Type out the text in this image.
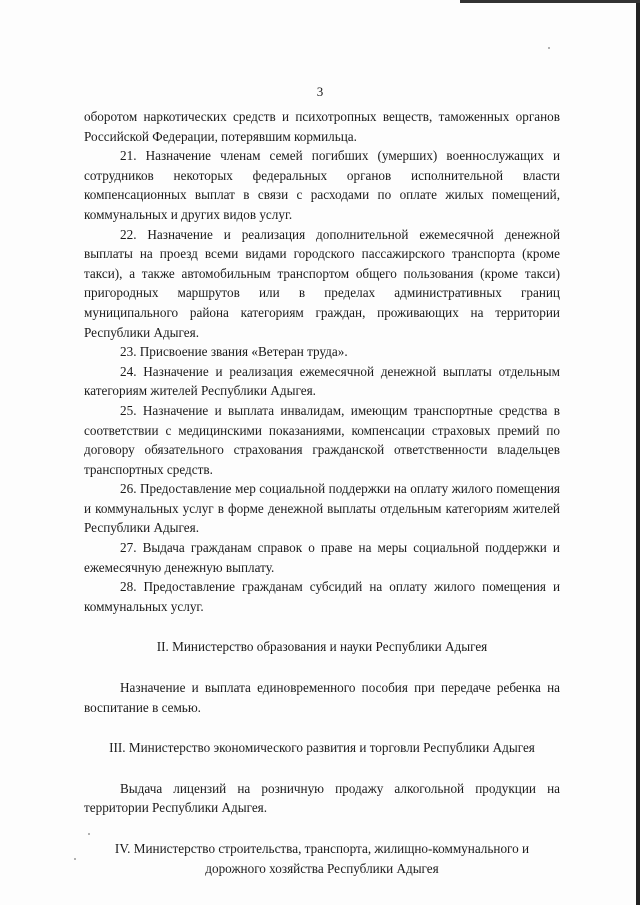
3

оборотом наркотических средств и психотропных веществ, таможенных органов Российской Федерации, потерявшим кормильца.

21. Назначение членам семей погибших (умерших) военнослужащих и сотрудников некоторых федеральных органов исполнительной власти компенсационных выплат в связи с расходами по оплате жилых помещений, коммунальных и других видов услуг.

22. Назначение и реализация дополнительной ежемесячной денежной выплаты на проезд всеми видами городского пассажирского транспорта (кроме такси), а также автомобильным транспортом общего пользования (кроме такси) пригородных маршрутов или в пределах административных границ муниципального района категориям граждан, проживающих на территории Республики Адыгея.

23. Присвоение звания «Ветеран труда».

24. Назначение и реализация ежемесячной денежной выплаты отдельным категориям жителей Республики Адыгея.

25. Назначение и выплата инвалидам, имеющим транспортные средства в соответствии с медицинскими показаниями, компенсации страховых премий по договору обязательного страхования гражданской ответственности владельцев транспортных средств.

26. Предоставление мер социальной поддержки на оплату жилого помещения и коммунальных услуг в форме денежной выплаты отдельным категориям жителей Республики Адыгея.

27. Выдача гражданам справок о праве на меры социальной поддержки и ежемесячную денежную выплату.

28. Предоставление гражданам субсидий на оплату жилого помещения и коммунальных услуг.

II. Министерство образования и науки Республики Адыгея

Назначение и выплата единовременного пособия при передаче ребенка на воспитание в семью.

III. Министерство экономического развития и торговли Республики Адыгея

Выдача лицензий на розничную продажу алкогольной продукции на территории Республики Адыгея.

IV. Министерство строительства, транспорта, жилищно-коммунального и

дорожного хозяйства Республики Адыгея
